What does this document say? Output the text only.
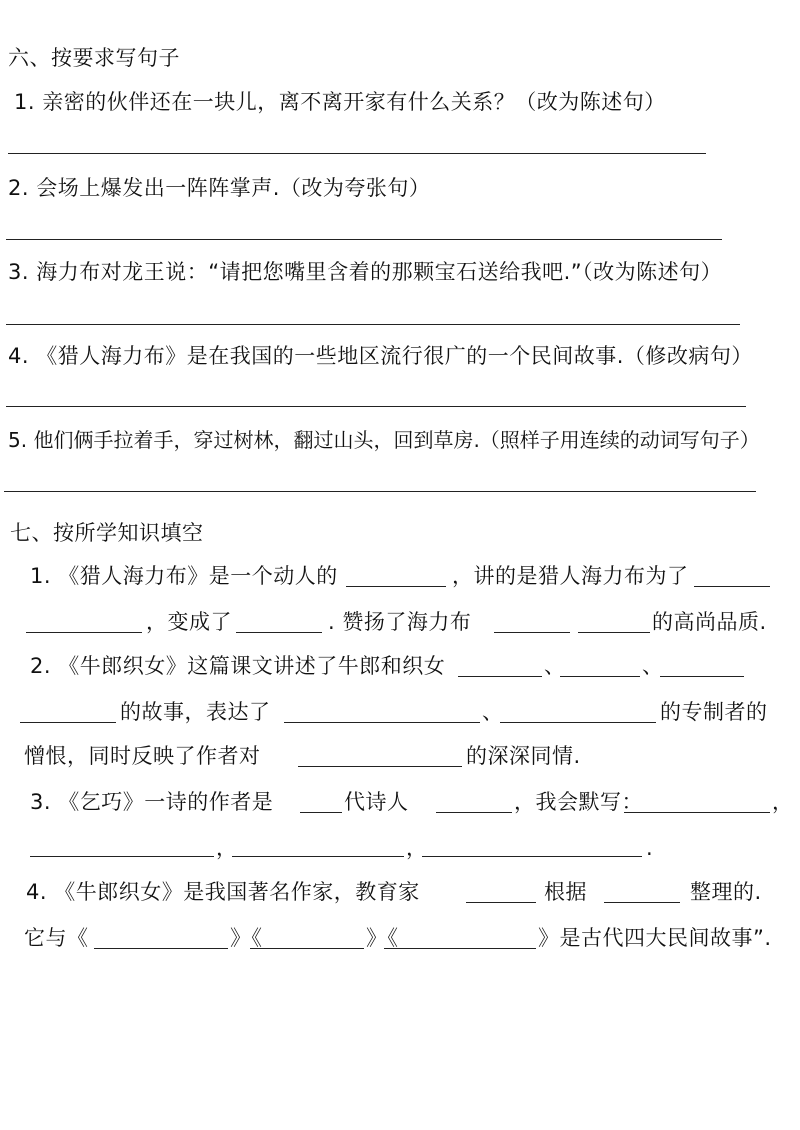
六、按要求写句子
1. 亲密的伙伴还在一块儿，离不离开家有什么关系？（改为陈述句）
2. 会场上爆发出一阵阵掌声.（改为夸张句）
3. 海力布对龙王说：“请把您嘴里含着的那颗宝石送给我吧.”（改为陈述句）
4. 《猎人海力布》是在我国的一些地区流行很广的一个民间故事.（修改病句）
5. 他们俩手拉着手，穿过树林，翻过山头，回到草房.（照样子用连续的动词写句子）
七、按所学知识填空
1. 《猎人海力布》是一个动人的	，讲的是猎人海力布为了
，变成了	. 赞扬了海力布	的高尚品质.
2. 《牛郎织女》这篇课文讲述了牛郎和织女	、	、
的故事，表达了	、	的专制者的
憎恨，同时反映了作者对	的深深同情.
3. 《乞巧》一诗的作者是	代诗人	，我会默写：	，
，	，	.
4. 《牛郎织女》是我国著名作家，教育家	根据	整理的.
它与《	》《	》《	》是古代四大民间故事”.
